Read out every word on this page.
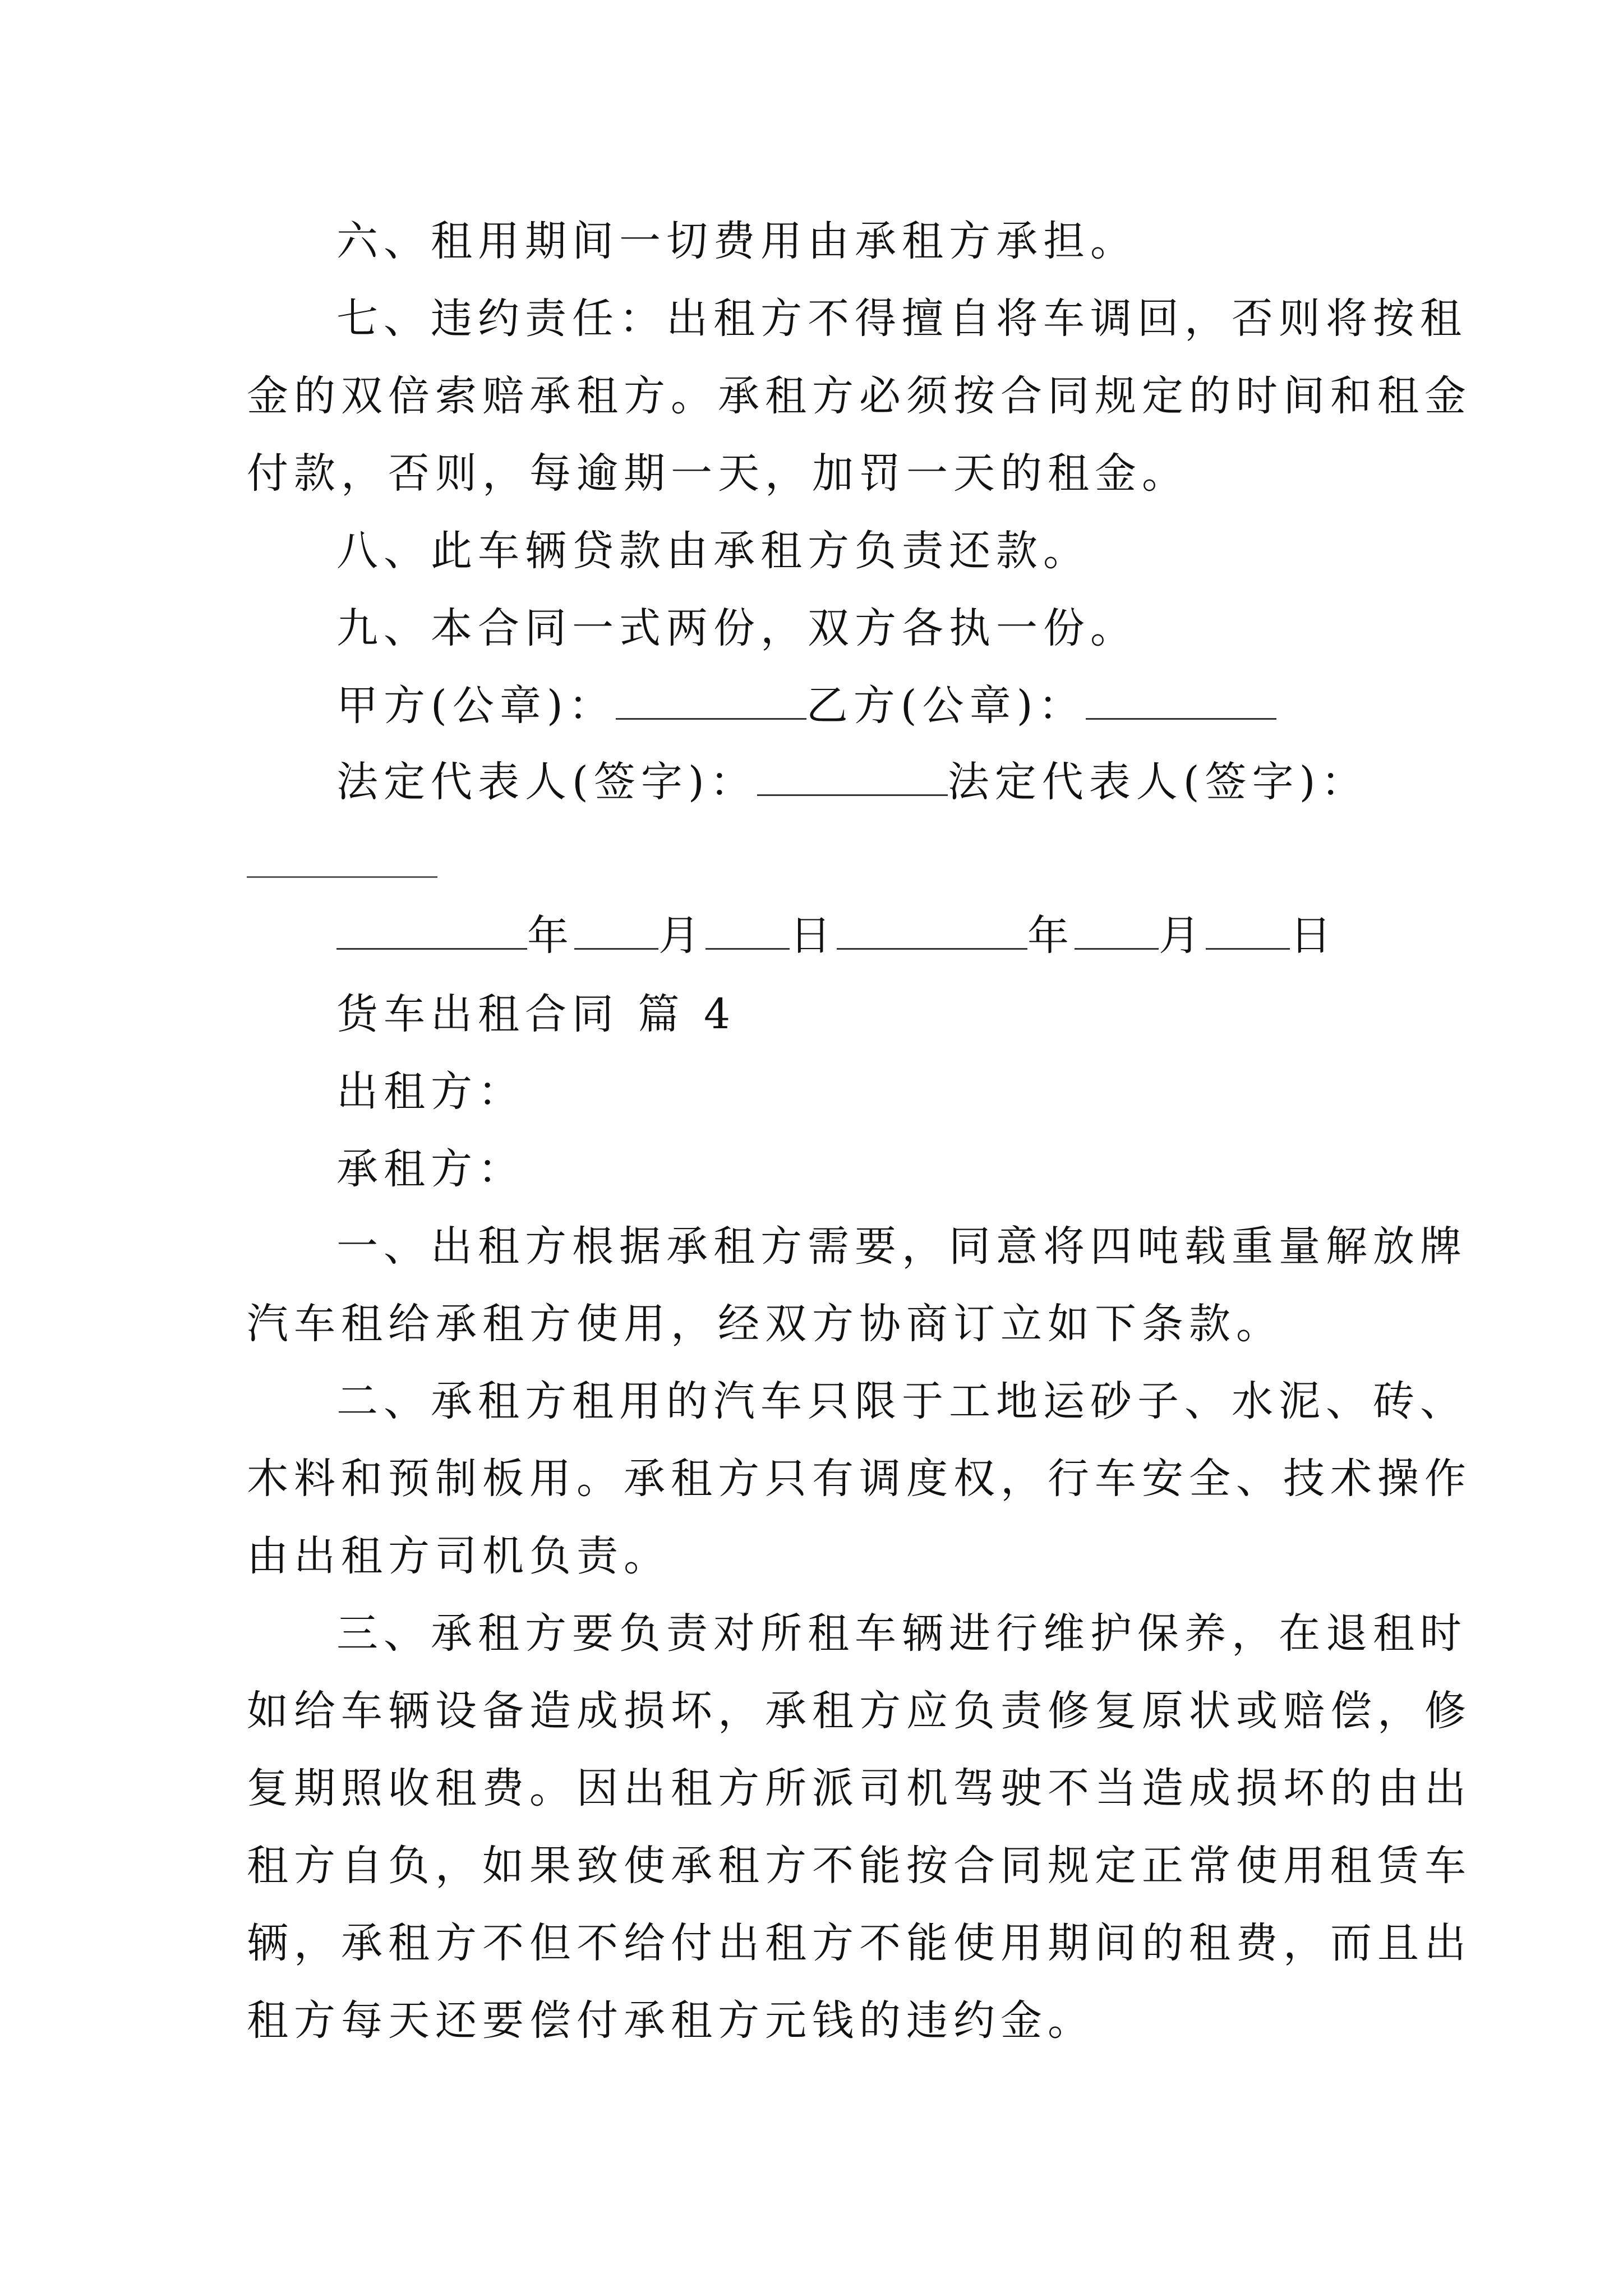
六、租用期间一切费用由承租方承担。
七、违约责任：出租方不得擅自将车调回，否则将按租
金的双倍索赔承租方。承租方必须按合同规定的时间和租金
付款，否则，每逾期一天，加罚一天的租金。
八、此车辆贷款由承租方负责还款。
九、本合同一式两份，双方各执一份。
甲方(公章)：	乙方(公章)：
法定代表人(签字)：	法定代表人(签字)：
年 月 日	年 月 日
货车出租合同 篇 4
出租方：
承租方：
一、出租方根据承租方需要，同意将四吨载重量解放牌
汽车租给承租方使用，经双方协商订立如下条款。
二、承租方租用的汽车只限于工地运砂子、水泥、砖、
木料和预制板用。承租方只有调度权，行车安全、技术操作
由出租方司机负责。
三、承租方要负责对所租车辆进行维护保养，在退租时
如给车辆设备造成损坏，承租方应负责修复原状或赔偿，修
复期照收租费。因出租方所派司机驾驶不当造成损坏的由出
租方自负，如果致使承租方不能按合同规定正常使用租赁车
辆，承租方不但不给付出租方不能使用期间的租费，而且出
租方每天还要偿付承租方元钱的违约金。
